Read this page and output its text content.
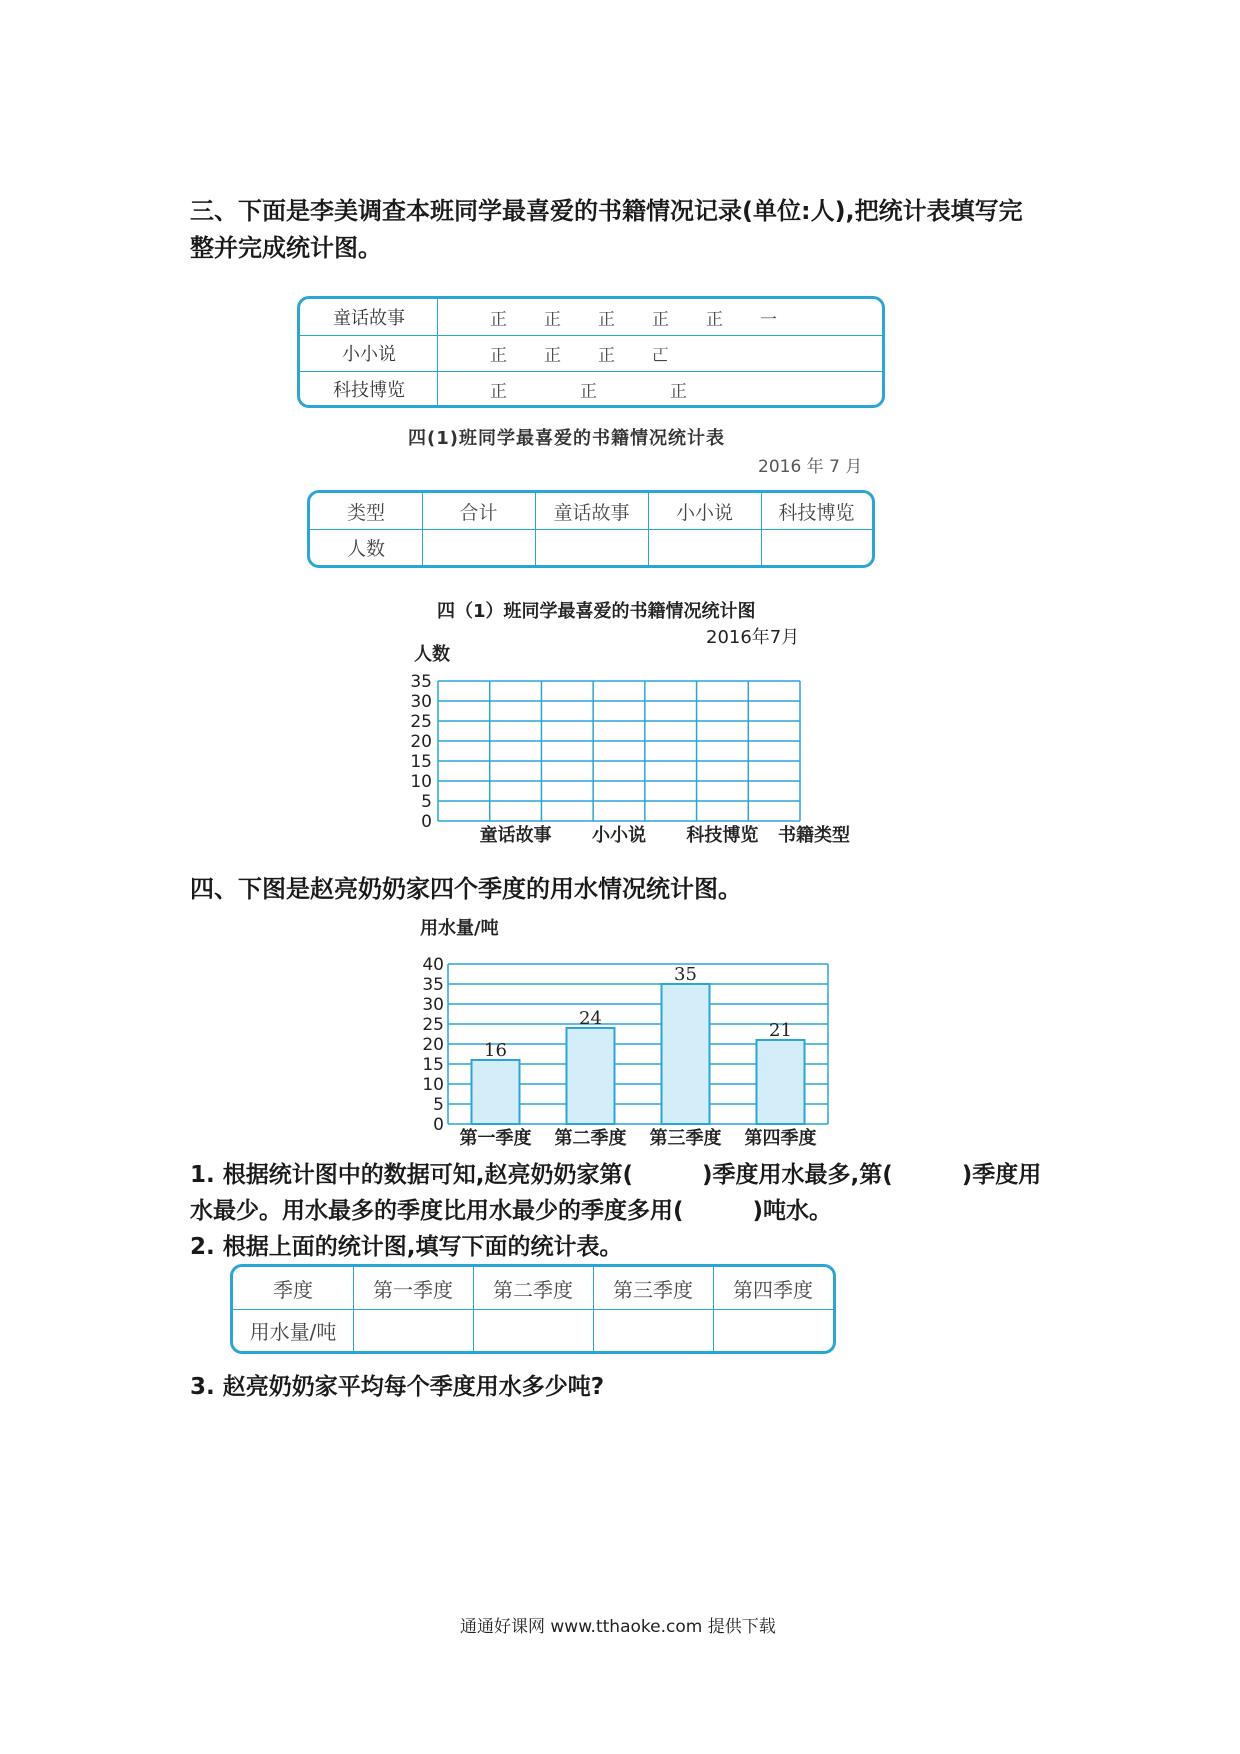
三、下面是李美调查本班同学最喜爱的书籍情况记录(单位:人),把统计表填写完
整并完成统计图。
童话故事	正　　正　　正　　正　　正　　一
小小说	正　　正　　正　　𠀀
科技博览	正　　　　正　　　　正
四(1)班同学最喜爱的书籍情况统计表
2016 年 7 月
类型	合计	童话故事	小小说	科技博览
人数
四（1）班同学最喜爱的书籍情况统计图
2016年7月
人数
35
30
25
20
15
10
5
0
童话故事 小小说 科技博览 书籍类型
四、下图是赵亮奶奶家四个季度的用水情况统计图。
用水量/吨
0
5
10
15
20
25
30
35
40
16
24
35
21
第一季度 第二季度 第三季度 第四季度
1. 根据统计图中的数据可知,赵亮奶奶家第(　　　)季度用水最多,第(　　　)季度用
水最少。用水最多的季度比用水最少的季度多用(　　　)吨水。
2. 根据上面的统计图,填写下面的统计表。
季度	第一季度	第二季度	第三季度	第四季度
用水量/吨
3. 赵亮奶奶家平均每个季度用水多少吨?
通通好课网 www.tthaoke.com 提供下载
